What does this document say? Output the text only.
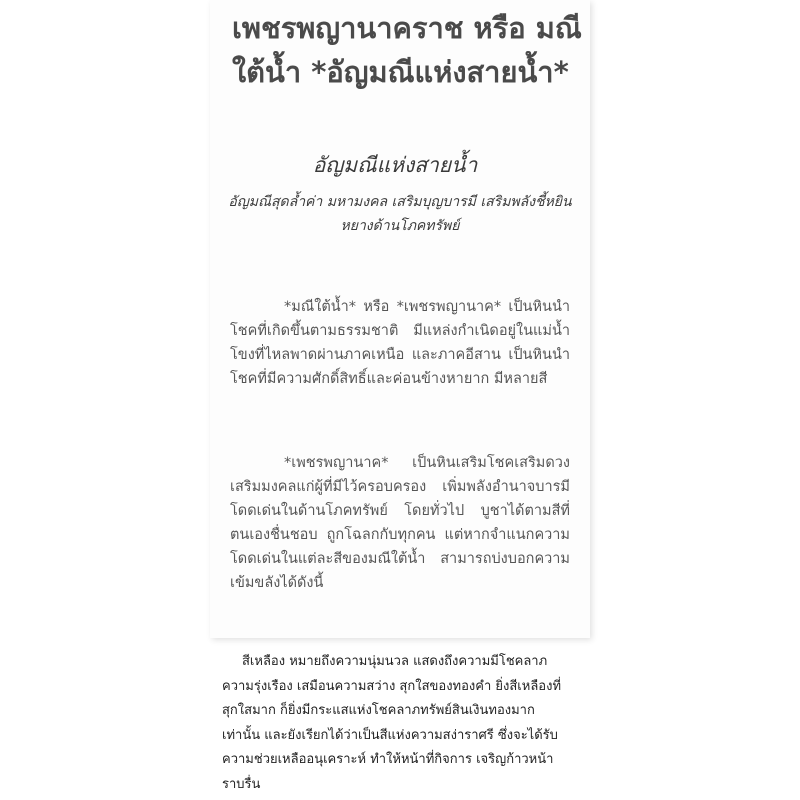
เพชรพญานาคราช หรือ มณีใต้น้ำ *อัญมณีแห่งสายน้ำ*
อัญมณีแห่งสายน้ำ
อัญมณีสุดล้ำค่า มหามงคล เสริมบุญบารมี เสริมพลังชี้หยินหยางด้านโภคทรัพย์

*มณีใต้น้ำ* หรือ *เพชรพญานาค* เป็นหินนำโชคที่เกิดขึ้นตามธรรมชาติ มีแหล่งกำเนิดอยู่ในแม่น้ำโขงที่ไหลพาดผ่านภาคเหนือ และภาคอีสาน เป็นหินนำโชคที่มีความศักดิ์สิทธิ์และค่อนข้างหายาก มีหลายสี

*เพชรพญานาค* เป็นหินเสริมโชคเสริมดวงเสริมมงคลแก่ผู้ที่มีไว้ครอบครอง เพิ่มพลังอำนาจบารมี โดดเด่นในด้านโภคทรัพย์ โดยทั่วไป บูชาได้ตามสีที่ตนเองชื่นชอบ ถูกโฉลกกับทุกคน แต่หากจำแนกความโดดเด่นในแต่ละสีของมณีใต้น้ำ สามารถบ่งบอกความเข้มขลังได้ดังนี้

สีเหลือง หมายถึงความนุ่มนวล แสดงถึงความมีโชคลาภ ความรุ่งเรือง เสมือนความสว่าง สุกใสของทองคำ ยิ่งสีเหลืองที่สุกใสมาก ก็ยิ่งมีกระแสแห่งโชคลาภทรัพย์สินเงินทองมากเท่านั้น และยังเรียกได้ว่าเป็นสีแห่งความสง่าราศรี ซึ่งจะได้รับความช่วยเหลืออนุเคราะห์ ทำให้หน้าที่กิจการ เจริญก้าวหน้าราบรื่น
